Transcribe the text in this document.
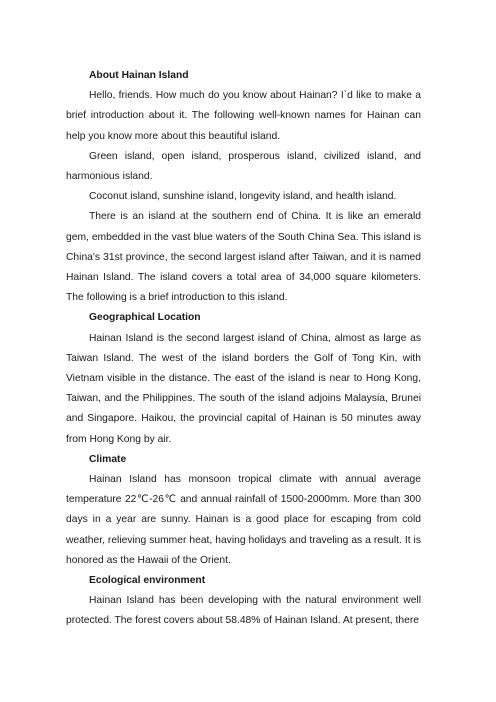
About Hainan Island

Hello, friends. How much do you know about Hainan? I`d like to make a brief introduction about it. The following well-known names for Hainan can help you know more about this beautiful island.

Green island, open island, prosperous island, civilized island, and harmonious island.

Coconut island, sunshine island, longevity island, and health island.

There is an island at the southern end of China. It is like an emerald gem, embedded in the vast blue waters of the South China Sea. This island is China's 31st province, the second largest island after Taiwan, and it is named Hainan Island. The island covers a total area of 34,000 square kilometers. The following is a brief introduction to this island.

Geographical Location

Hainan Island is the second largest island of China, almost as large as Taiwan Island. The west of the island borders the Golf of Tong Kin, with Vietnam visible in the distance. The east of the island is near to Hong Kong, Taiwan, and the Philippines. The south of the island adjoins Malaysia, Brunei and Singapore. Haikou, the provincial capital of Hainan is 50 minutes away from Hong Kong by air.

Climate

Hainan Island has monsoon tropical climate with annual average temperature 22℃-26℃ and annual rainfall of 1500-2000mm. More than 300 days in a year are sunny. Hainan is a good place for escaping from cold weather, relieving summer heat, having holidays and traveling as a result. It is honored as the Hawaii of the Orient.

Ecological environment

Hainan Island has been developing with the natural environment well protected. The forest covers about 58.48% of Hainan Island. At present, there
